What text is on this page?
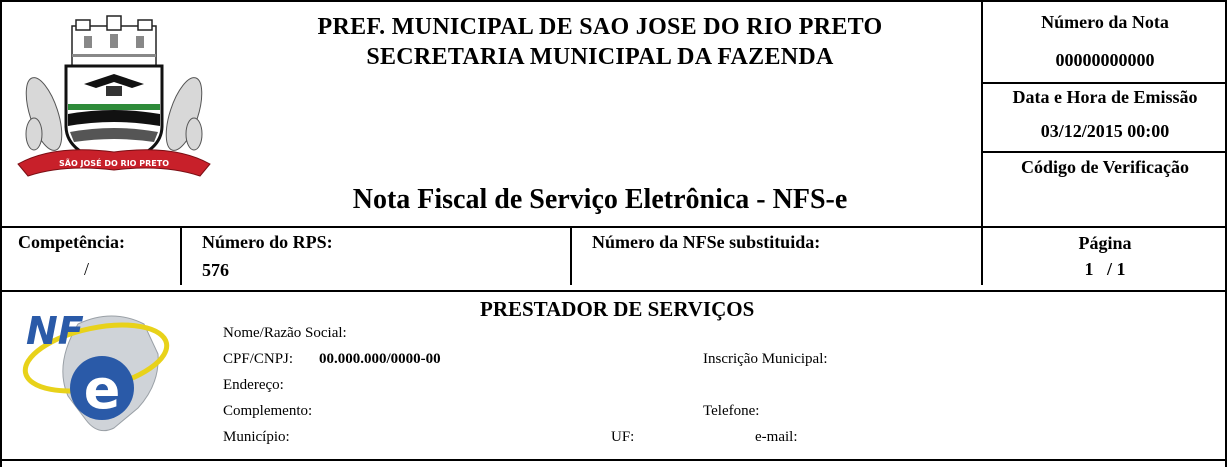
SÃO JOSÉ DO RIO PRETO
PREF. MUNICIPAL DE SAO JOSE DO RIO PRETO
SECRETARIA MUNICIPAL DA FAZENDA
Nota Fiscal de Serviço Eletrônica - NFS-e
Número da Nota
00000000000
Data e Hora de Emissão
03/12/2015 00:00
Código de Verificação
Competência:
/
Número do RPS:
576
Número da NFSe substituida:	Página
1 / 1
NF
e
PRESTADOR DE SERVIÇOS
Nome/Razão Social:
CPF/CNPJ: 00.000.000/0000-00	Inscrição Municipal:
Endereço:
Complemento:	Telefone:
Município:	UF:	e-mail:
